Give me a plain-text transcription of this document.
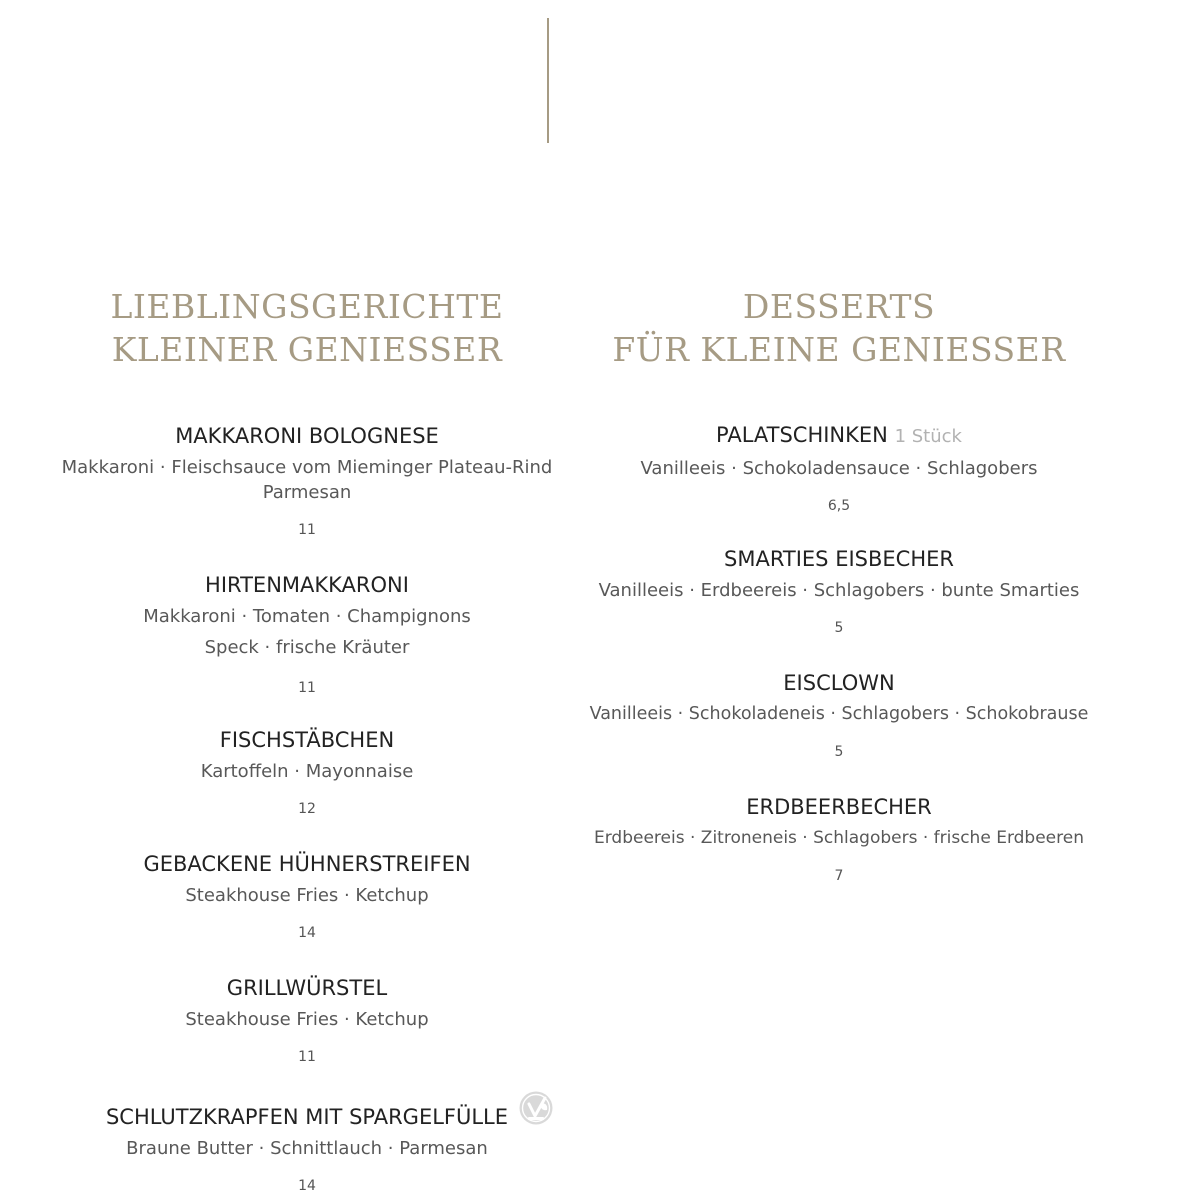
LIEBLINGSGERICHTE
KLEINER GENIESSER
MAKKARONI BOLOGNESE
Makkaroni · Fleischsauce vom Mieminger Plateau-Rind
Parmesan
11
HIRTENMAKKARONI
Makkaroni · Tomaten · Champignons
Speck · frische Kräuter
11
FISCHSTÄBCHEN
Kartoffeln · Mayonnaise
12
GEBACKENE HÜHNERSTREIFEN
Steakhouse Fries · Ketchup
14
GRILLWÜRSTEL
Steakhouse Fries · Ketchup
11
SCHLUTZKRAPFEN MIT SPARGELFÜLLE
Braune Butter · Schnittlauch · Parmesan
14
DESSERTS
FÜR KLEINE GENIESSER
PALATSCHINKEN 1 Stück
Vanilleeis · Schokoladensauce · Schlagobers
6,5
SMARTIES EISBECHER
Vanilleeis · Erdbeereis · Schlagobers · bunte Smarties
5
EISCLOWN
Vanilleeis · Schokoladeneis · Schlagobers · Schokobrause
5
ERDBEERBECHER
Erdbeereis · Zitroneneis · Schlagobers · frische Erdbeeren
7
